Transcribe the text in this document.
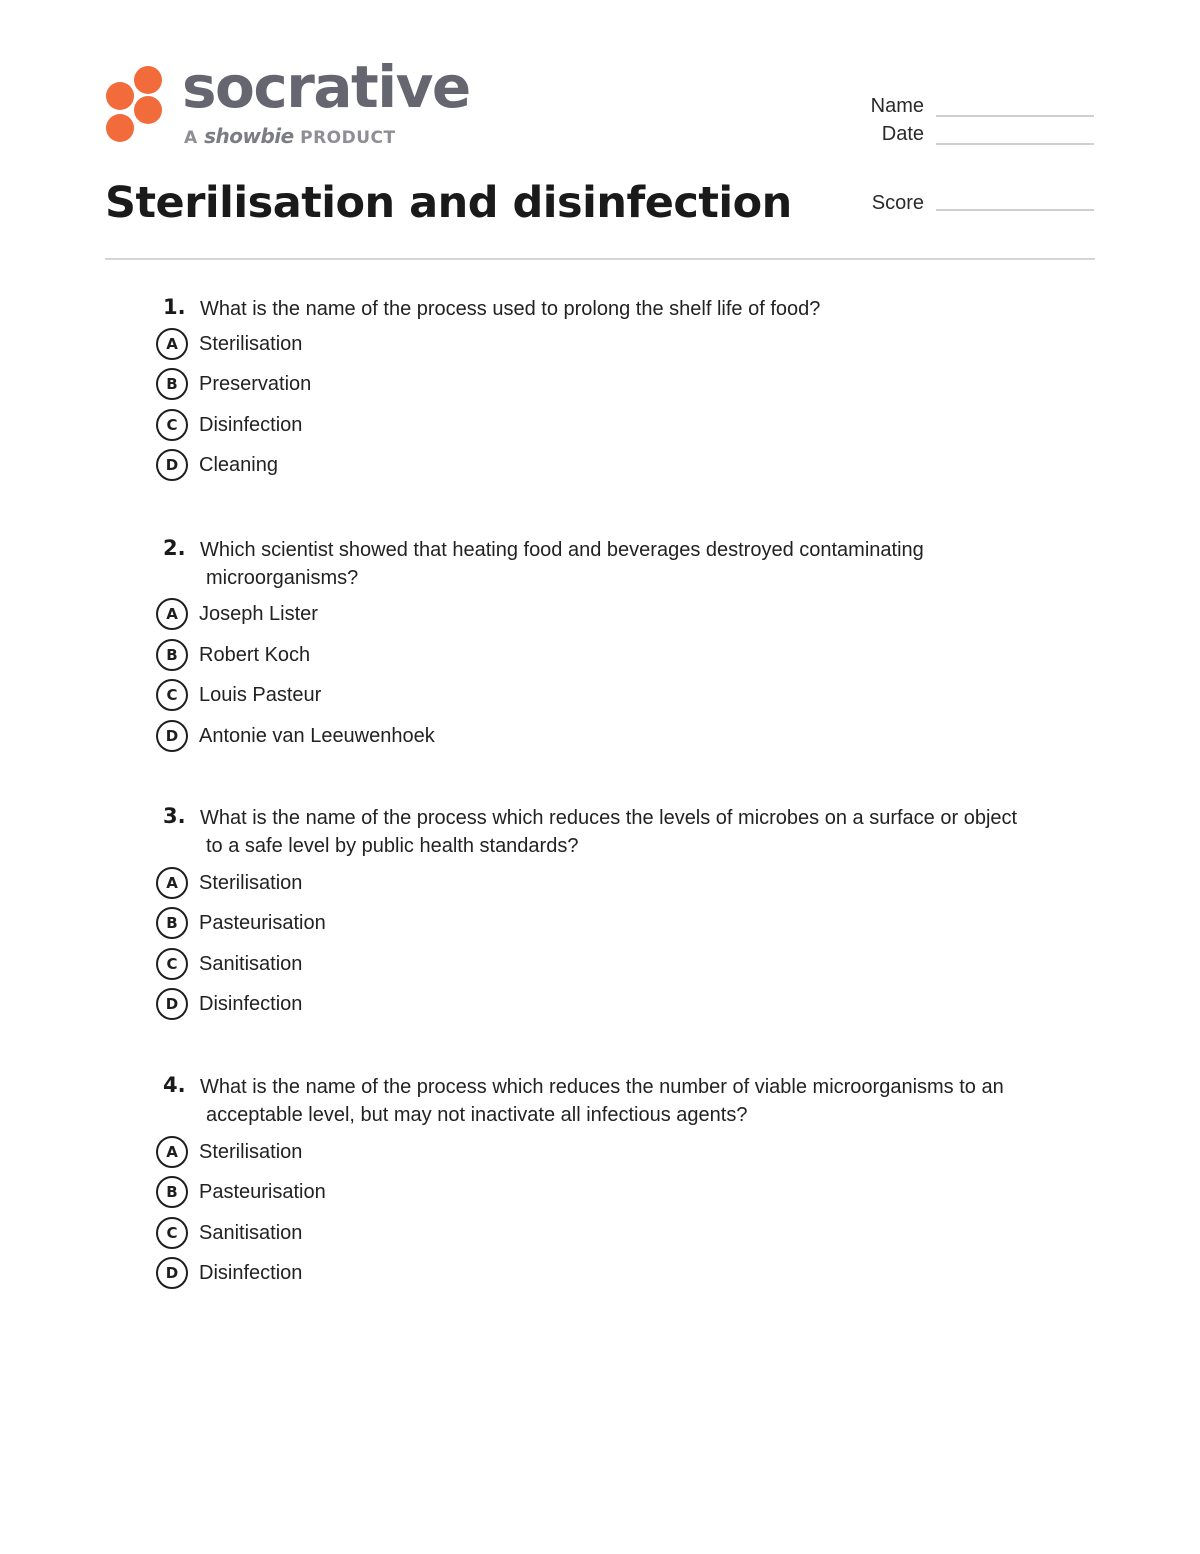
socrative
A showbie PRODUCT
Name
Date
Score
Sterilisation and disinfection
1. What is the name of the process used to prolong the shelf life of food?
A	Sterilisation
B	Preservation
C	Disinfection
D	Cleaning
2. Which scientist showed that heating food and beverages destroyed contaminating
microorganisms?
A	Joseph Lister
B	Robert Koch
C	Louis Pasteur
D	Antonie van Leeuwenhoek
3. What is the name of the process which reduces the levels of microbes on a surface or object
to a safe level by public health standards?
A	Sterilisation
B	Pasteurisation
C	Sanitisation
D	Disinfection
4. What is the name of the process which reduces the number of viable microorganisms to an
acceptable level, but may not inactivate all infectious agents?
A	Sterilisation
B	Pasteurisation
C	Sanitisation
D	Disinfection
